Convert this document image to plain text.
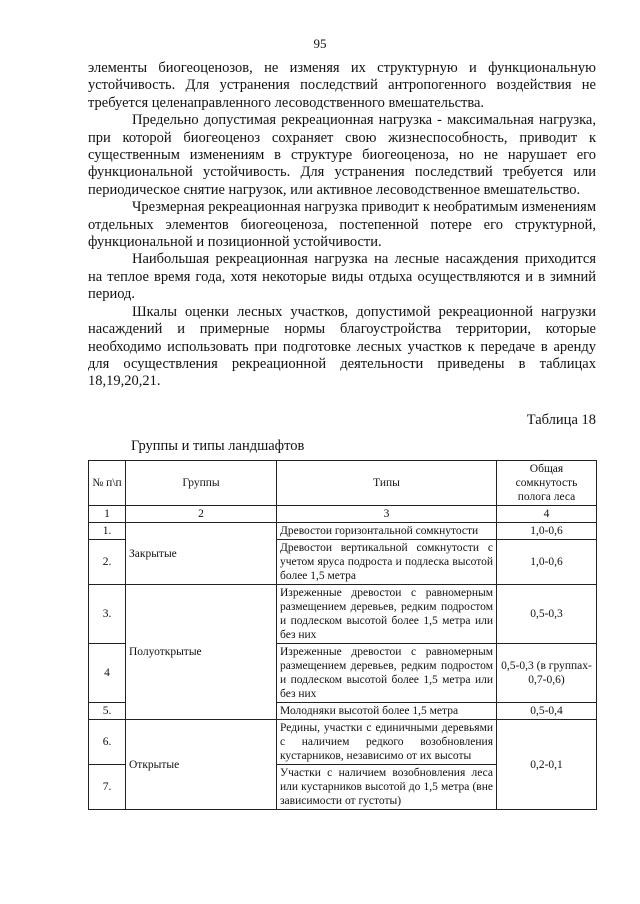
95

элементы биогеоценозов, не изменяя их структурную и функциональную устойчивость. Для устранения последствий антропогенного воздействия не требуется целенаправленного лесоводственного вмешательства.

Предельно допустимая рекреационная нагрузка - максимальная нагрузка, при которой биогеоценоз сохраняет свою жизнеспособность, приводит к существенным изменениям в структуре биогеоценоза, но не нарушает его функциональной устойчивость. Для устранения последствий требуется или периодическое снятие нагрузок, или активное лесоводственное вмешательство.

Чрезмерная рекреационная нагрузка приводит к необратимым изменениям отдельных элементов биогеоценоза, постепенной потере его структурной, функциональной и позиционной устойчивости.

Наибольшая рекреационная нагрузка на лесные насаждения приходится на теплое время года, хотя некоторые виды отдыха осуществляются и в зимний период.

Шкалы оценки лесных участков, допустимой рекреационной нагрузки насаждений и примерные нормы благоустройства территории, которые необходимо использовать при подготовке лесных участков к передаче в аренду для осуществления рекреационной деятельности приведены в таблицах 18,19,20,21.

Таблица 18
Группы и типы ландшафтов
№ п\п	Группы	Типы	Общая сомкнутость полога леса
1	2	3	4
1.	Закрытые	Древостои горизонтальной сомкнутости	1,0-0,6
2.		Древостои вертикальной сомкнутости с учетом яруса подроста и подлеска высотой более 1,5 метра	1,0-0,6
3.	Полуоткрытые	Изреженные древостои с равномерным размещением деревьев, редким подростом и подлеском высотой более 1,5 метра или без них	0,5-0,3
4		Изреженные древостои с равномерным размещением деревьев, редким подростом и подлеском высотой более 1,5 метра или без них	0,5-0,3 (в группах- 0,7-0,6)
5.		Молодняки высотой более 1,5 метра	0,5-0,4
6.	Открытые	Редины, участки с единичными деревьями с наличием редкого возобновления кустарников, независимо от их высоты	0,2-0,1
7.		Участки с наличием возобновления леса или кустарников высотой до 1,5 метра (вне зависимости от густоты)	
